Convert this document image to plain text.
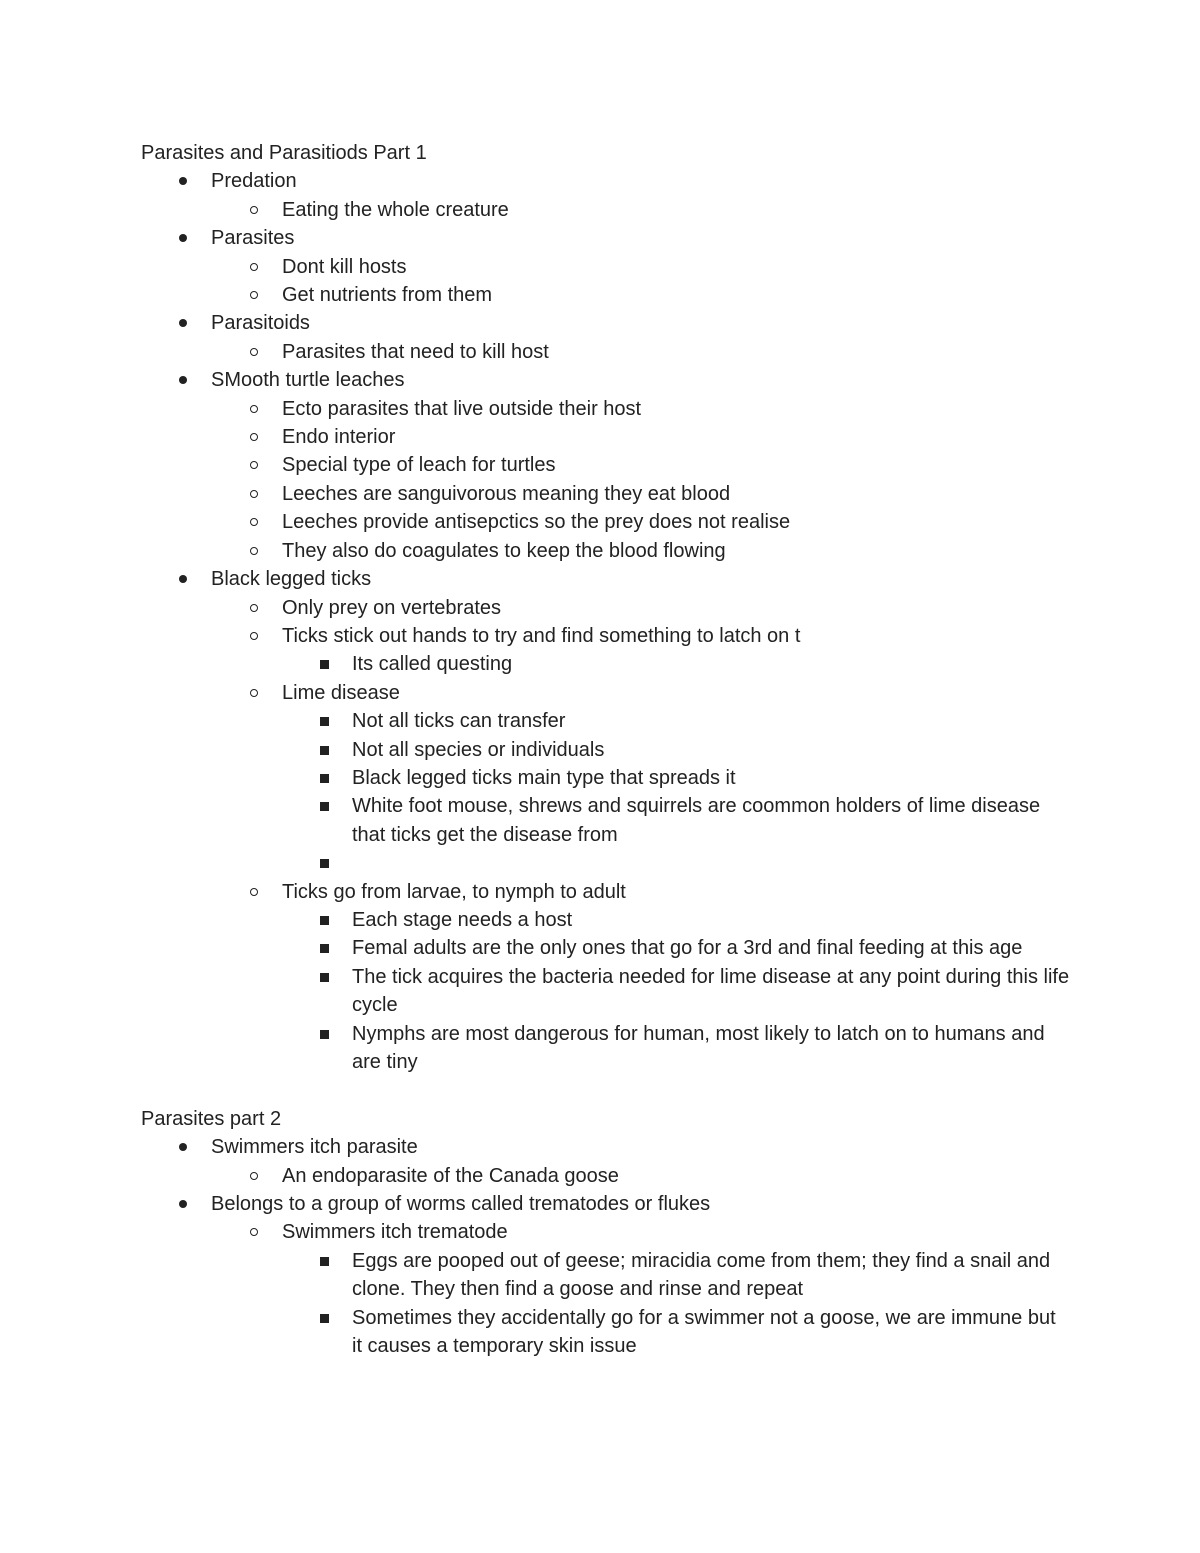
Parasites and Parasitiods Part 1
Predation
Eating the whole creature
Parasites
Dont kill hosts
Get nutrients from them
Parasitoids
Parasites that need to kill host
SMooth turtle leaches
Ecto parasites that live outside their host
Endo interior
Special type of leach for turtles
Leeches are sanguivorous meaning they eat blood
Leeches provide antisepctics so the prey does not realise
They also do coagulates to keep the blood flowing
Black legged ticks
Only prey on vertebrates
Ticks stick out hands to try and find something to latch on t
Its called questing
Lime disease
Not all ticks can transfer
Not all species or individuals
Black legged ticks main type that spreads it
White foot mouse, shrews and squirrels are coommon holders of lime disease that ticks get the disease from
Ticks go from larvae, to nymph to adult
Each stage needs a host
Femal adults are the only ones that go for a 3rd and final feeding at this age
The tick acquires the bacteria needed for lime disease at any point during this life cycle
Nymphs are most dangerous for human, most likely to latch on to humans and are tiny
Parasites part 2
Swimmers itch parasite
An endoparasite of the Canada goose
Belongs to a group of worms called trematodes or flukes
Swimmers itch trematode
Eggs are pooped out of geese; miracidia come from them; they find a snail and clone. They then find a goose and rinse and repeat
Sometimes they accidentally go for a swimmer not a goose, we are immune but it causes a temporary skin issue
